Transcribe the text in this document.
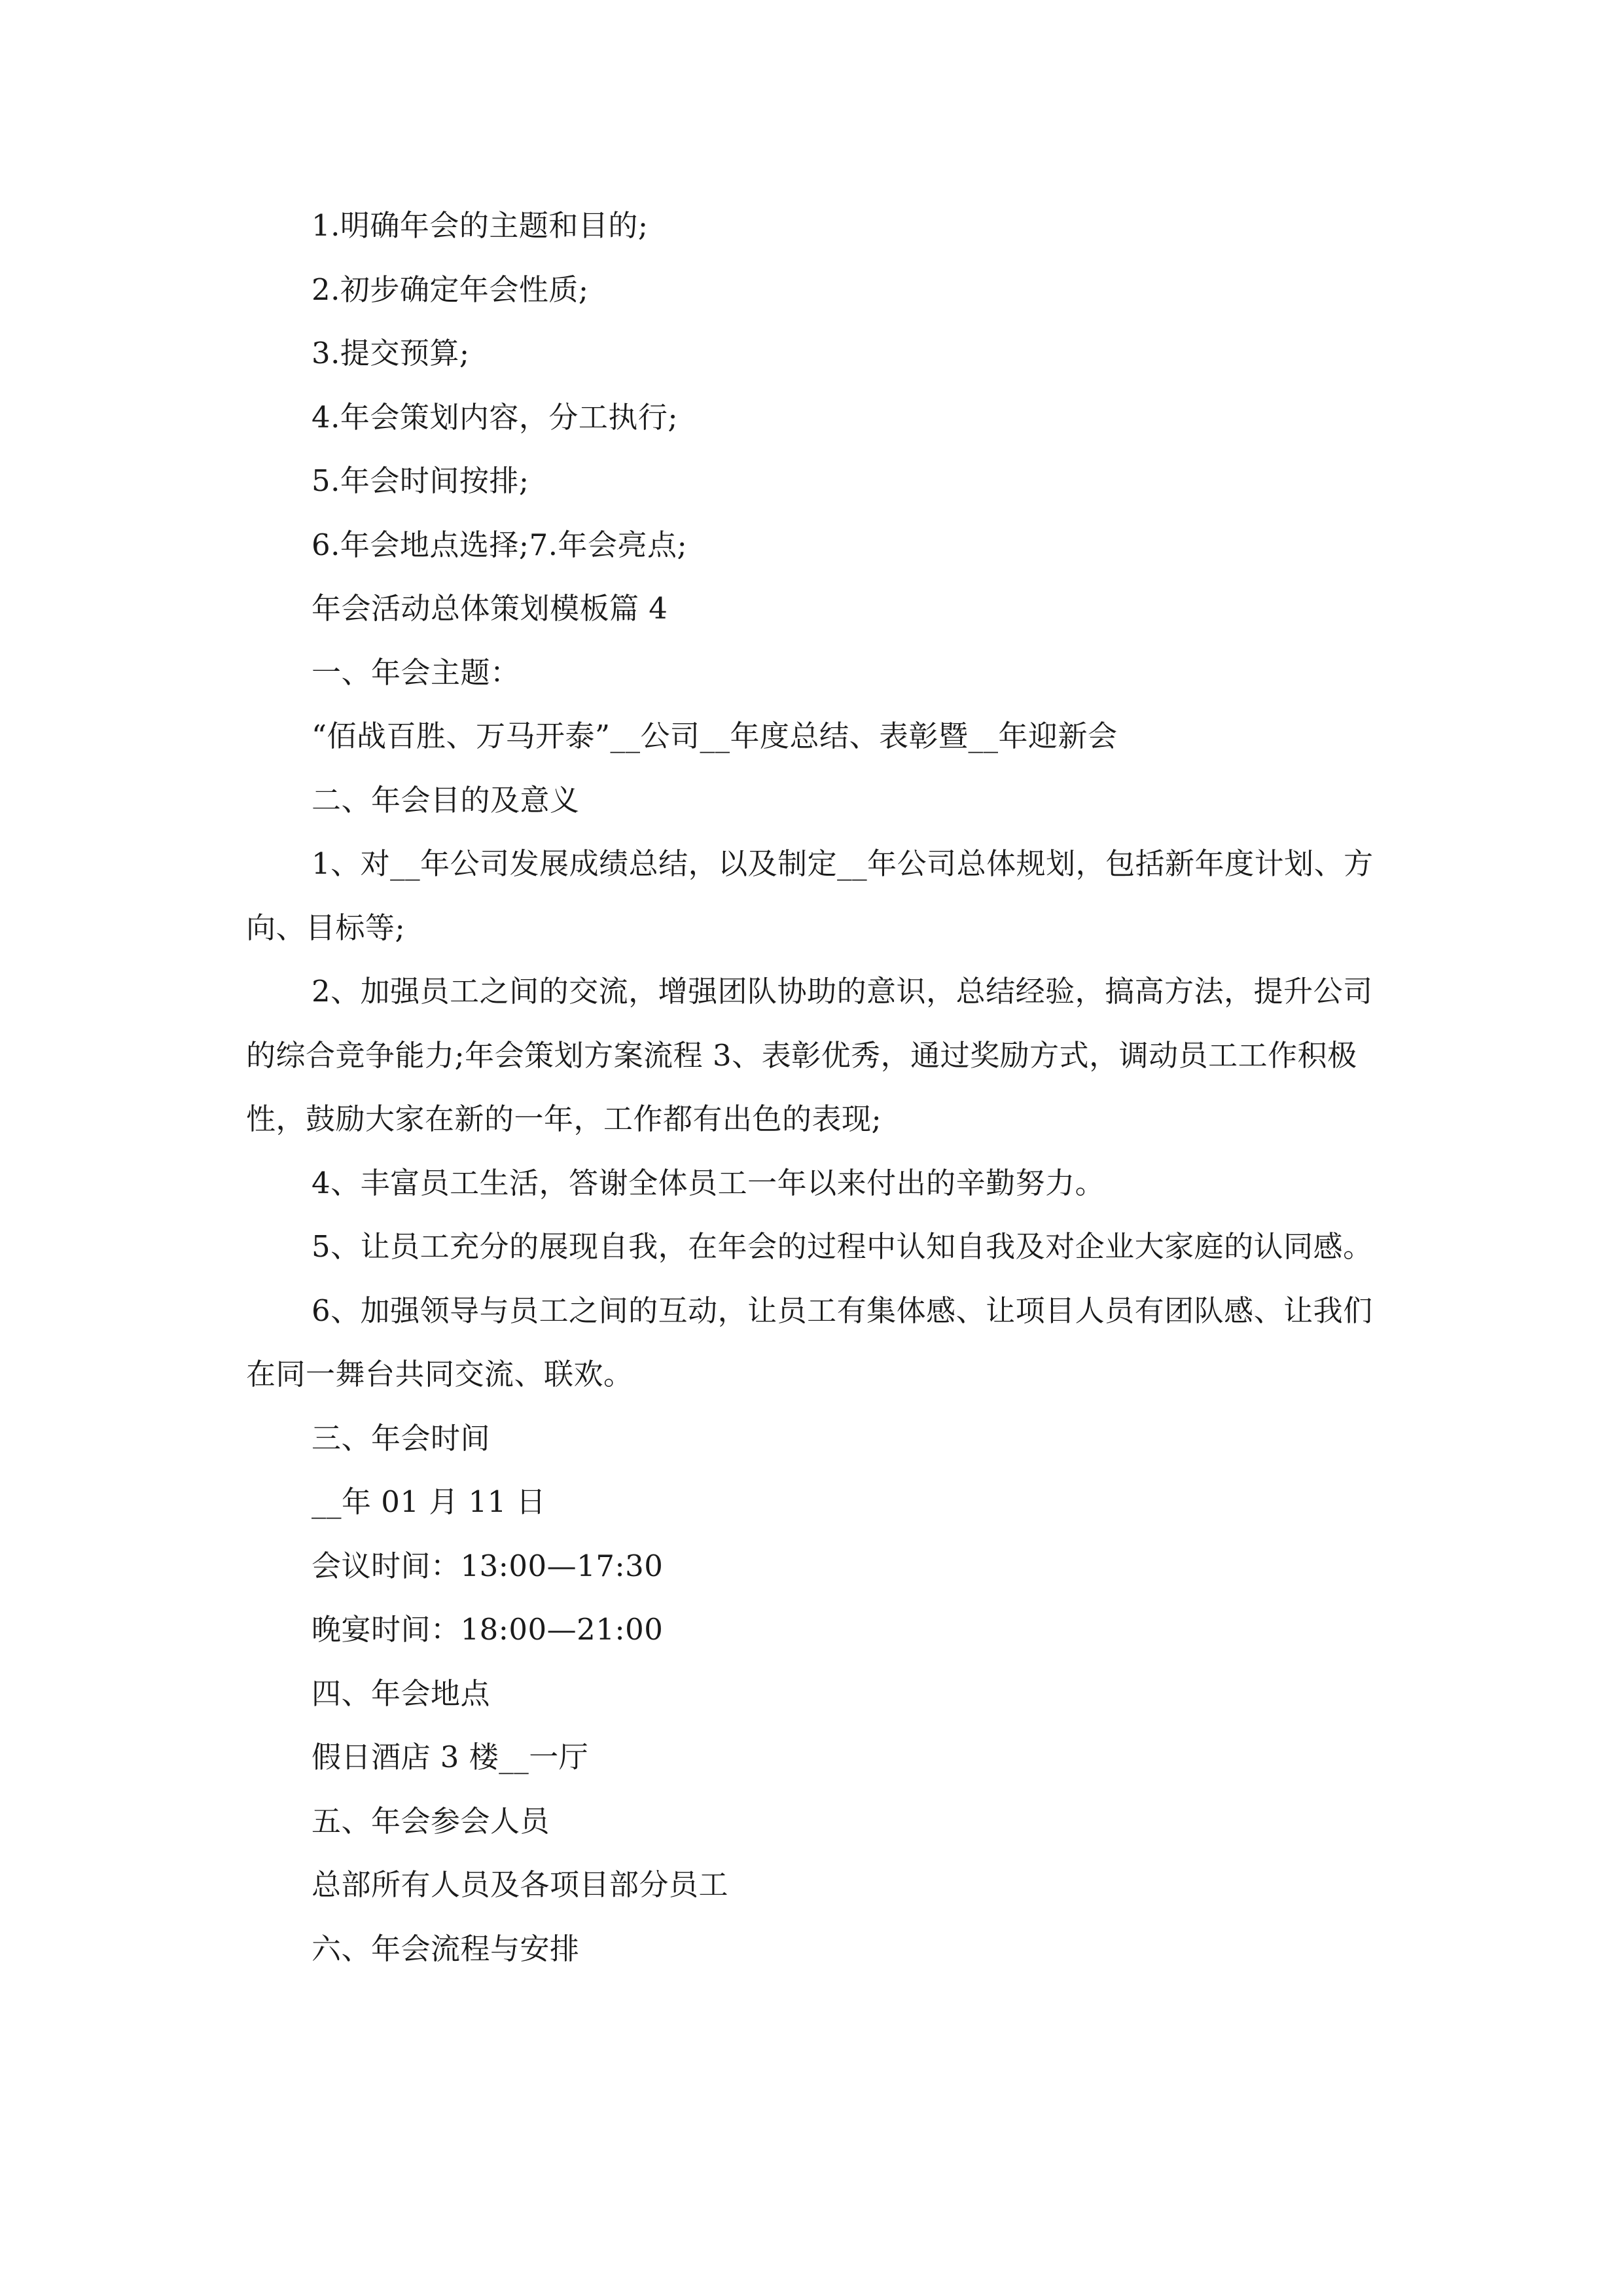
1.明确年会的主题和目的;

2.初步确定年会性质;

3.提交预算;

4.年会策划内容，分工执行;

5.年会时间按排;

6.年会地点选择;7.年会亮点;

年会活动总体策划模板篇 4

一、年会主题：

“佰战百胜、万马开泰”__公司__年度总结、表彰暨__年迎新会

二、年会目的及意义

1、对__年公司发展成绩总结，以及制定__年公司总体规划，包括新年度计划、方向、目标等;

2、加强员工之间的交流，增强团队协助的意识，总结经验，搞高方法，提升公司的综合竞争能力;年会策划方案流程 3、表彰优秀，通过奖励方式，调动员工工作积极性，鼓励大家在新的一年，工作都有出色的表现;

4、丰富员工生活，答谢全体员工一年以来付出的辛勤努力。

5、让员工充分的展现自我，在年会的过程中认知自我及对企业大家庭的认同感。

6、加强领导与员工之间的互动，让员工有集体感、让项目人员有团队感、让我们在同一舞台共同交流、联欢。

三、年会时间

__年 01 月 11 日

会议时间：13:00—17:30

晚宴时间：18:00—21:00

四、年会地点

假日酒店 3 楼__一厅

五、年会参会人员

总部所有人员及各项目部分员工

六、年会流程与安排
